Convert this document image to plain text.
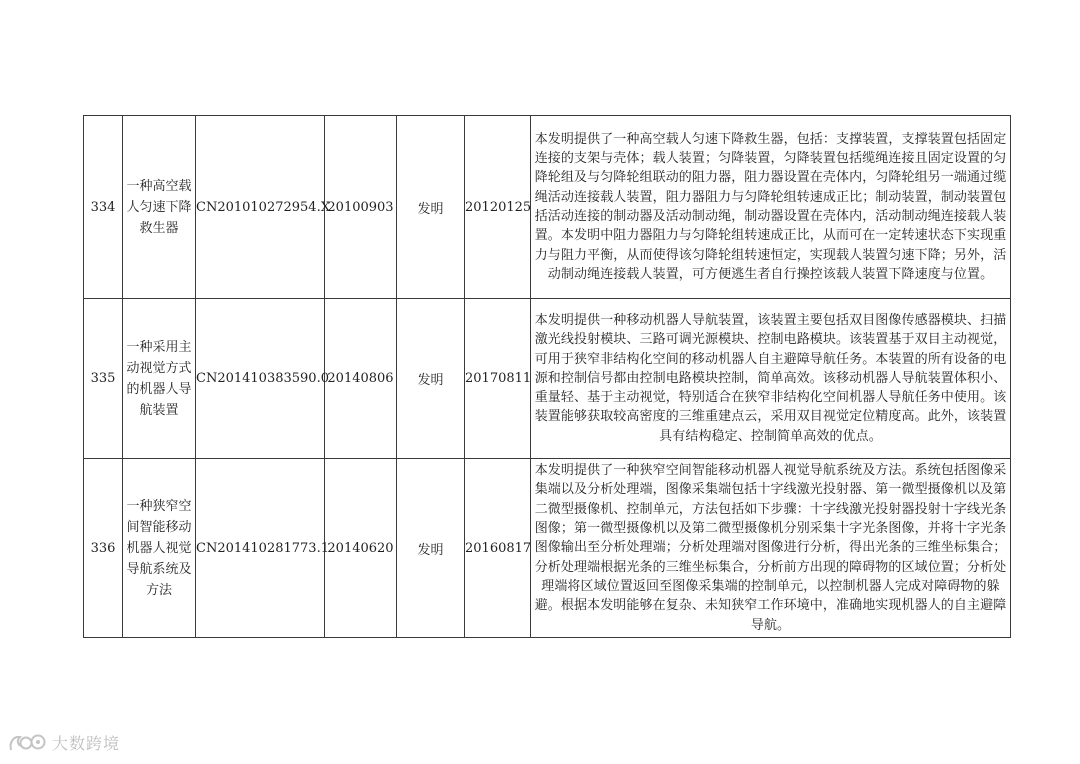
334	一种高空载人匀速下降救生器	CN201010272954.X	20100903	发明	20120125	本发明提供了一种高空载人匀速下降救生器，包括：支撑装置，支撑装置包括固定连接的支架与壳体；载人装置；匀降装置，匀降装置包括缆绳连接且固定设置的匀降轮组及与匀降轮组联动的阻力器，阻力器设置在壳体内，匀降轮组另一端通过缆绳活动连接载人装置，阻力器阻力与匀降轮组转速成正比；制动装置，制动装置包括活动连接的制动器及活动制动绳，制动器设置在壳体内，活动制动绳连接载人装置。本发明中阻力器阻力与匀降轮组转速成正比，从而可在一定转速状态下实现重力与阻力平衡，从而使得该匀降轮组转速恒定，实现载人装置匀速下降；另外，活动制动绳连接载人装置，可方便逃生者自行操控该载人装置下降速度与位置。
335	一种采用主动视觉方式的机器人导航装置	CN201410383590.0	20140806	发明	20170811	本发明提供一种移动机器人导航装置，该装置主要包括双目图像传感器模块、扫描激光线投射模块、三路可调光源模块、控制电路模块。该装置基于双目主动视觉，可用于狭窄非结构化空间的移动机器人自主避障导航任务。本装置的所有设备的电源和控制信号都由控制电路模块控制，简单高效。该移动机器人导航装置体积小、重量轻、基于主动视觉，特别适合在狭窄非结构化空间机器人导航任务中使用。该装置能够获取较高密度的三维重建点云，采用双目视觉定位精度高。此外，该装置具有结构稳定、控制简单高效的优点。
336	一种狭窄空间智能移动机器人视觉导航系统及方法	CN201410281773.1	20140620	发明	20160817	本发明提供了一种狭窄空间智能移动机器人视觉导航系统及方法。系统包括图像采集端以及分析处理端，图像采集端包括十字线激光投射器、第一微型摄像机以及第二微型摄像机、控制单元，方法包括如下步骤：十字线激光投射器投射十字线光条图像；第一微型摄像机以及第二微型摄像机分别采集十字光条图像，并将十字光条图像输出至分析处理端；分析处理端对图像进行分析，得出光条的三维坐标集合；分析处理端根据光条的三维坐标集合，分析前方出现的障碍物的区域位置；分析处理端将区域位置返回至图像采集端的控制单元，以控制机器人完成对障碍物的躲避。根据本发明能够在复杂、未知狭窄工作环境中，准确地实现机器人的自主避障导航。
大数跨境
